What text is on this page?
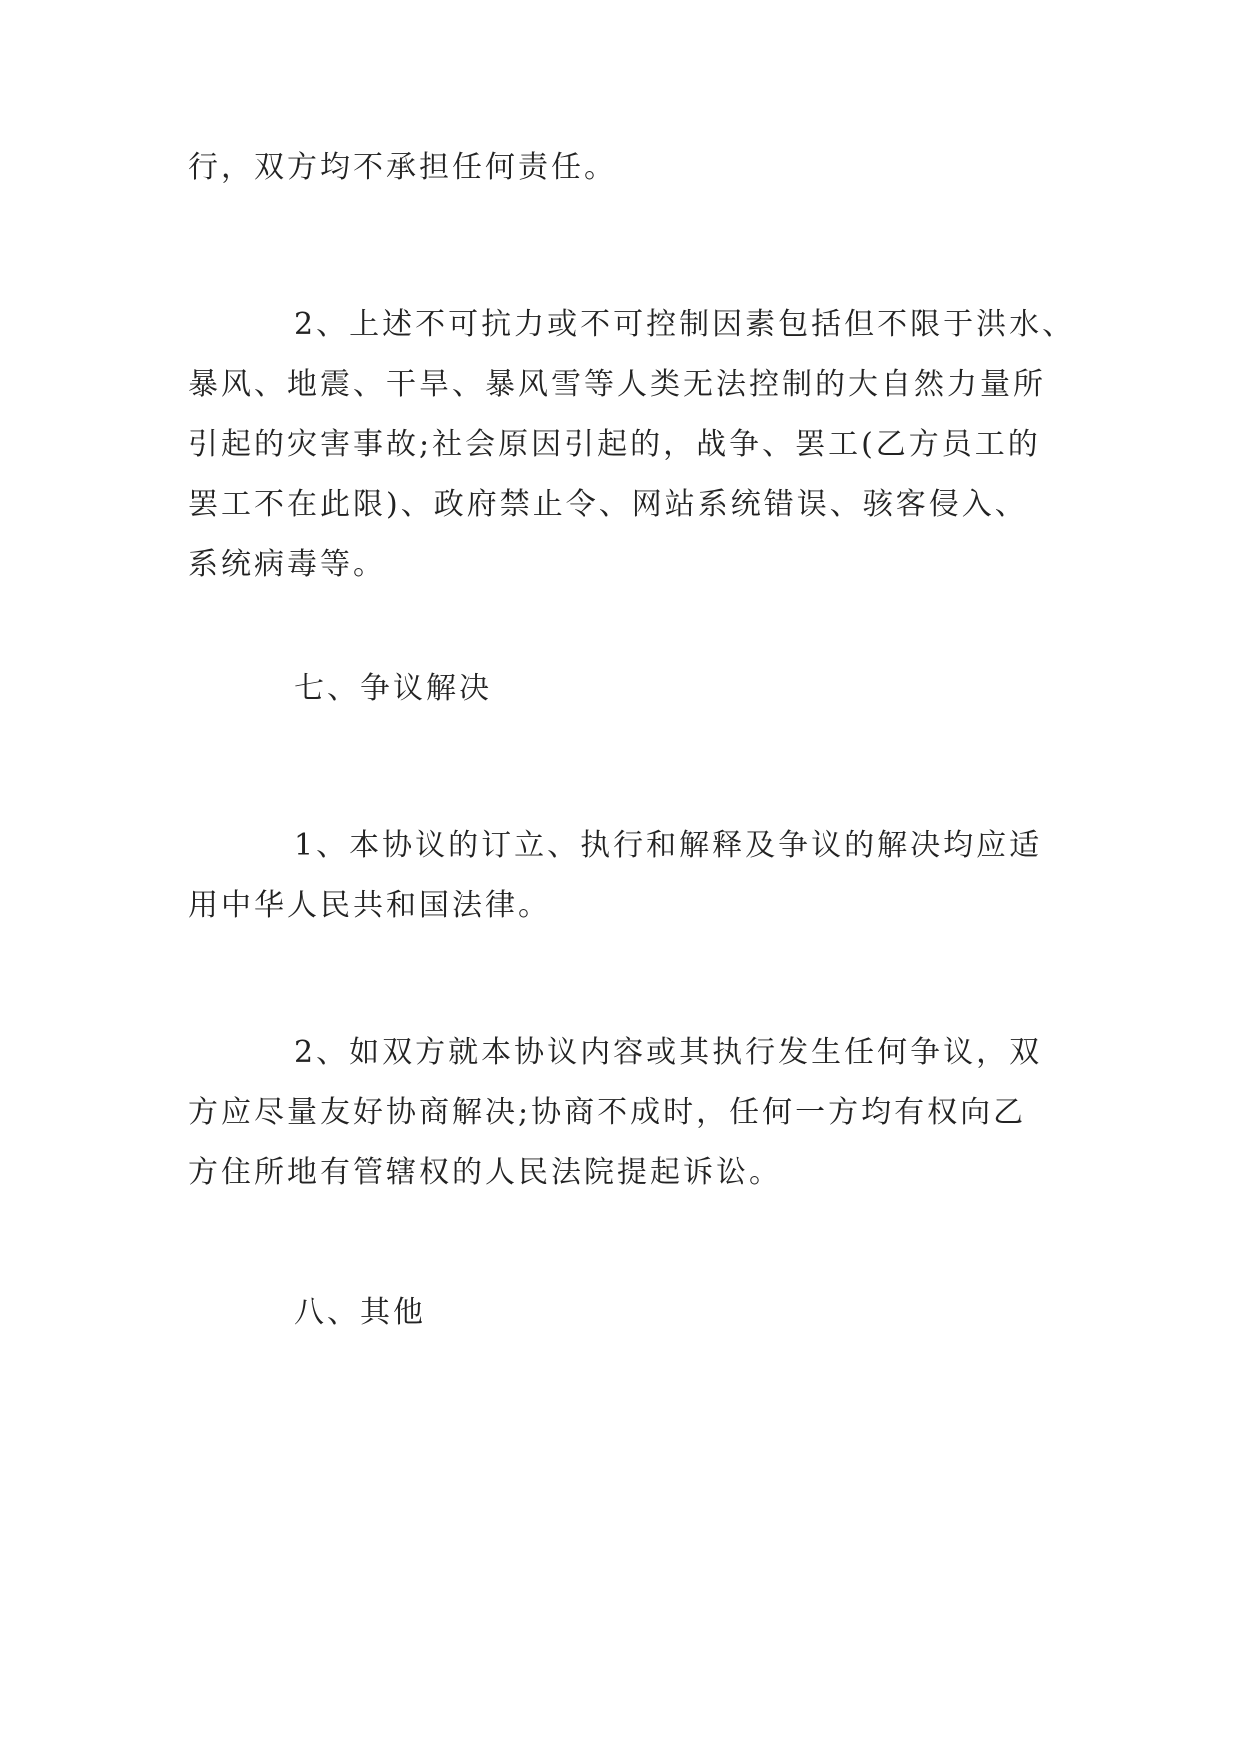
行，双方均不承担任何责任。

2、上述不可抗力或不可控制因素包括但不限于洪水、
暴风、地震、干旱、暴风雪等人类无法控制的大自然力量所
引起的灾害事故;社会原因引起的，战争、罢工(乙方员工的
罢工不在此限)、政府禁止令、网站系统错误、骇客侵入、
系统病毒等。

七、争议解决

1、本协议的订立、执行和解释及争议的解决均应适
用中华人民共和国法律。

2、如双方就本协议内容或其执行发生任何争议，双
方应尽量友好协商解决;协商不成时，任何一方均有权向乙
方住所地有管辖权的人民法院提起诉讼。

八、其他
